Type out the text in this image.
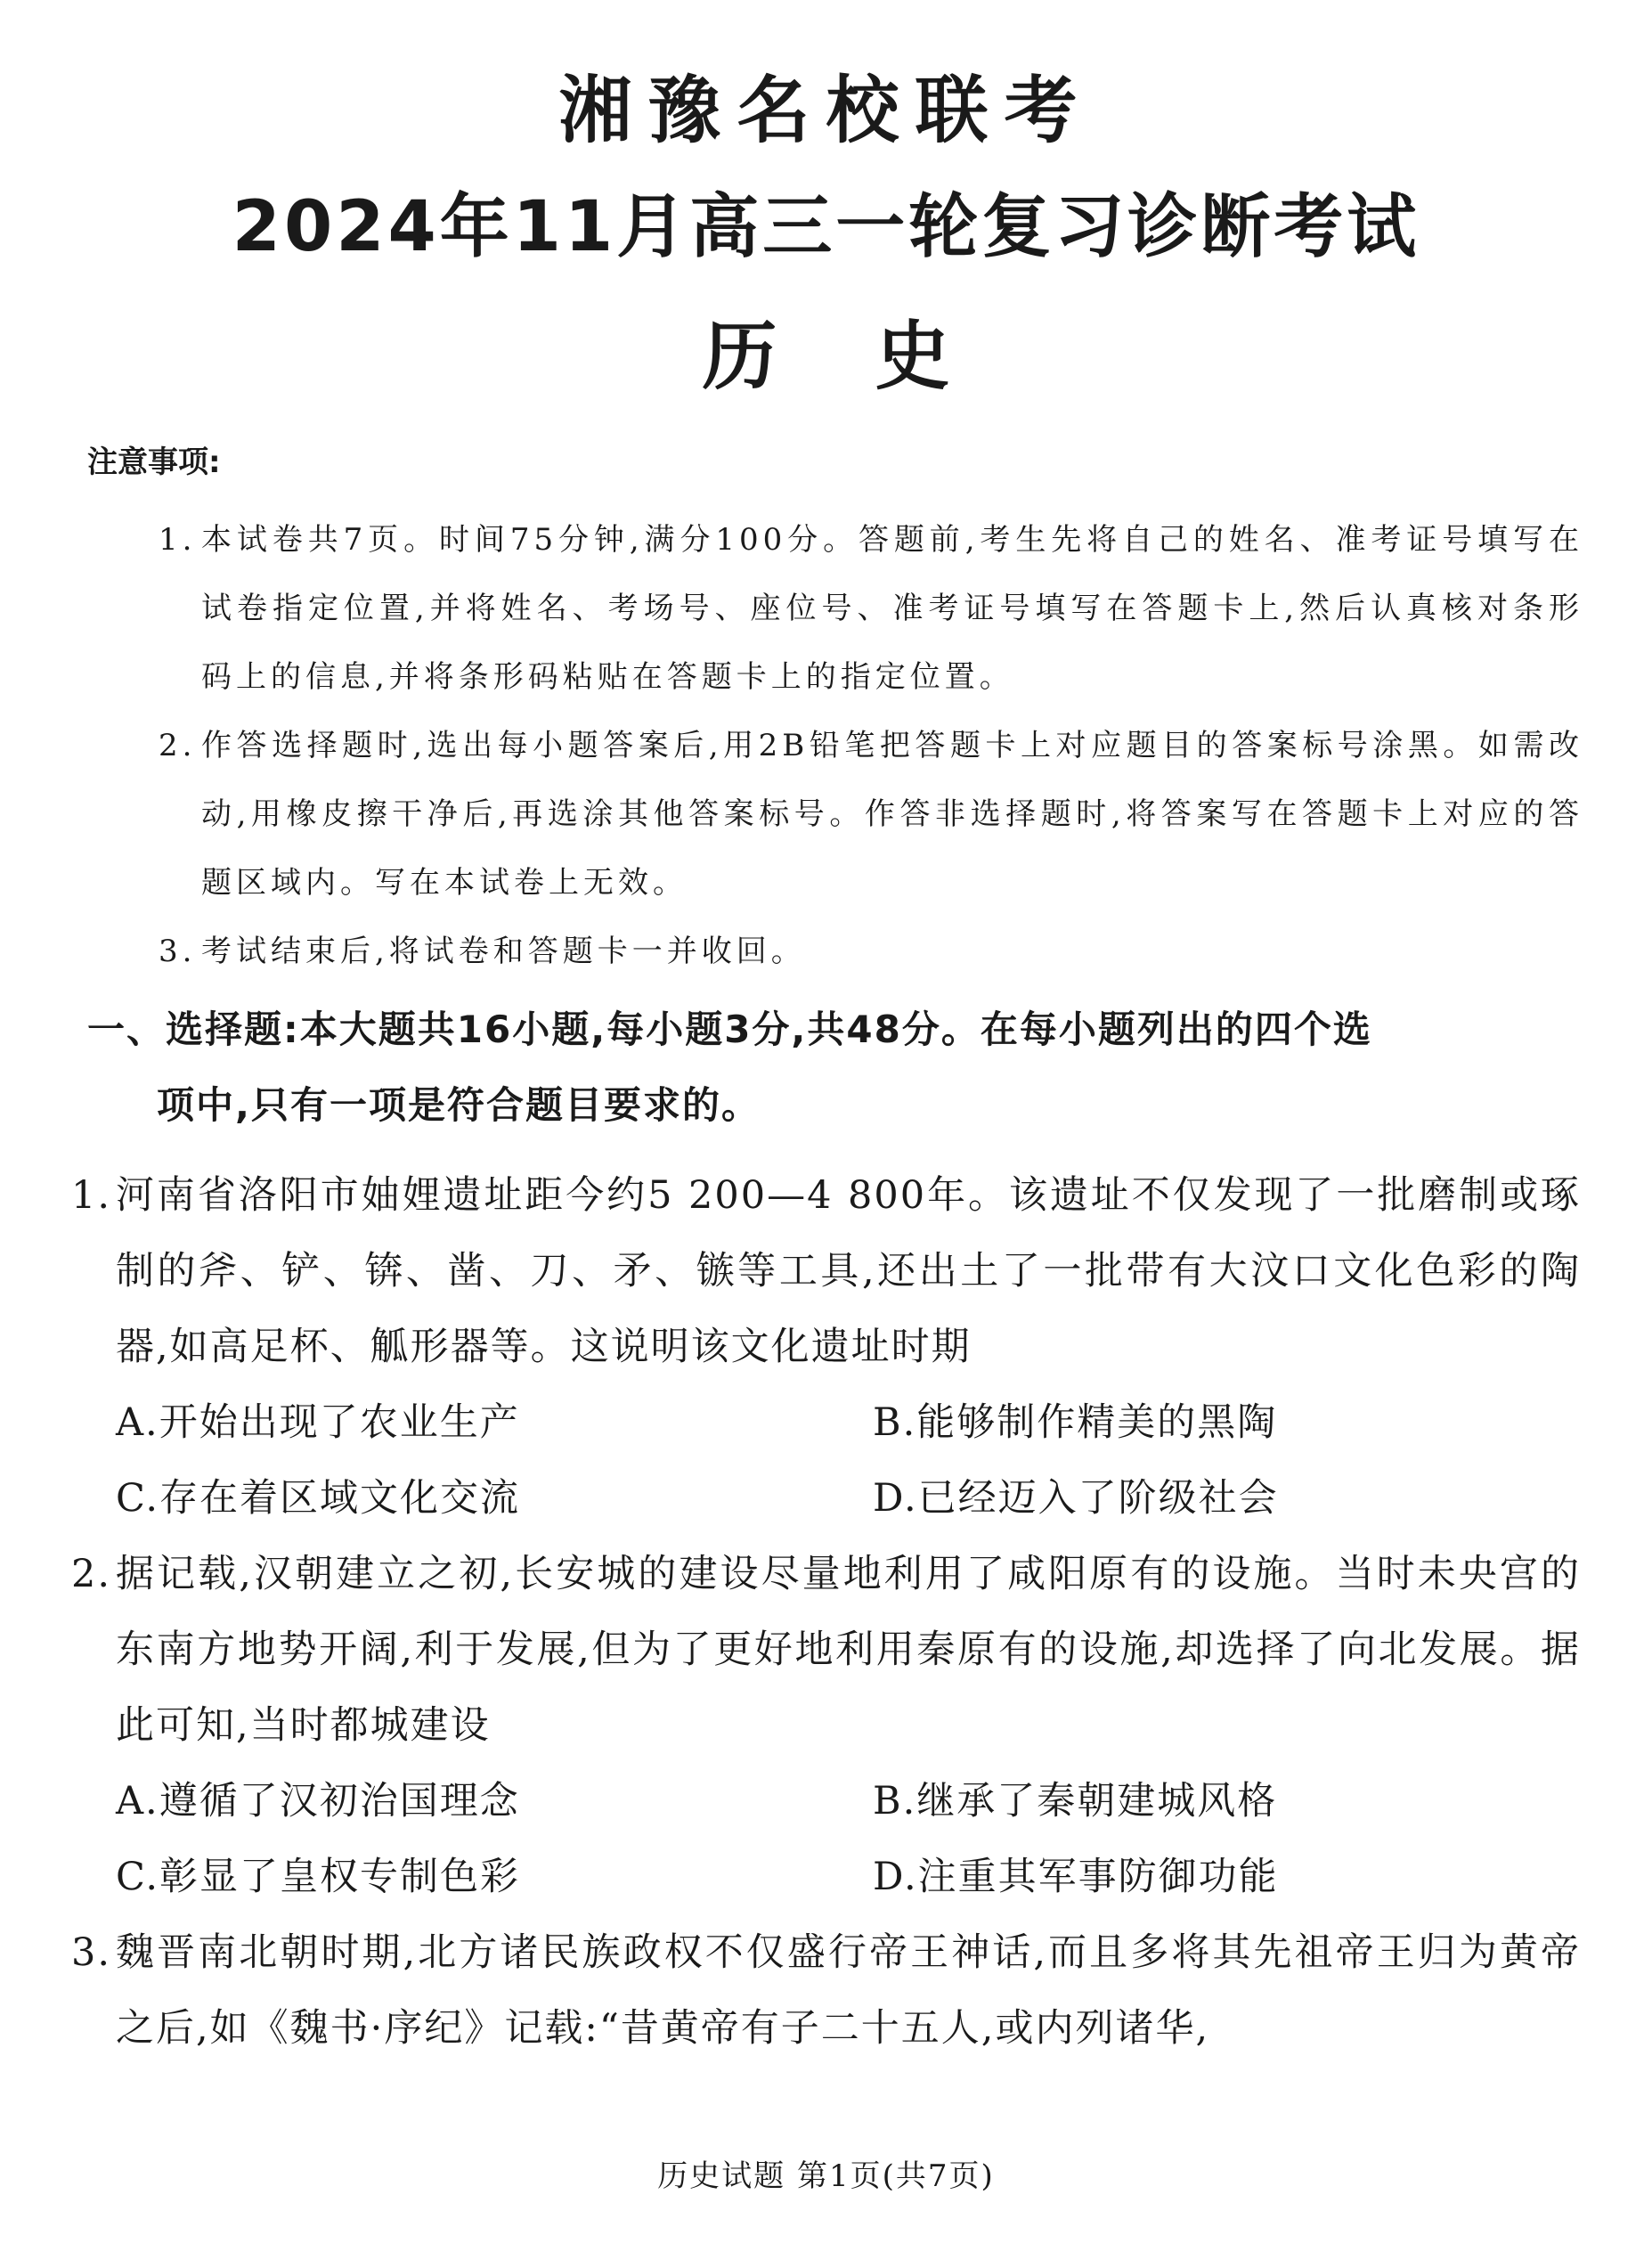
湘豫名校联考
2024年11月高三一轮复习诊断考试
历史
注意事项:
1. 本试卷共7页。时间75分钟,满分100分。答题前,考生先将自己的姓名、准考证号填写在试卷指定位置,并将姓名、考场号、座位号、准考证号填写在答题卡上,然后认真核对条形码上的信息,并将条形码粘贴在答题卡上的指定位置。
2. 作答选择题时,选出每小题答案后,用2B铅笔把答题卡上对应题目的答案标号涂黑。如需改动,用橡皮擦干净后,再选涂其他答案标号。作答非选择题时,将答案写在答题卡上对应的答题区域内。写在本试卷上无效。
3. 考试结束后,将试卷和答题卡一并收回。
一、选择题:本大题共16小题,每小题3分,共48分。在每小题列出的四个选
项中,只有一项是符合题目要求的。
1. 河南省洛阳市妯娌遗址距今约5 200—4 800年。该遗址不仅发现了一批磨制或琢制的斧、铲、锛、凿、刀、矛、镞等工具,还出土了一批带有大汶口文化色彩的陶器,如高足杯、觚形器等。这说明该文化遗址时期
A.开始出现了农业生产	B.能够制作精美的黑陶
C.存在着区域文化交流	D.已经迈入了阶级社会
2. 据记载,汉朝建立之初,长安城的建设尽量地利用了咸阳原有的设施。当时未央宫的东南方地势开阔,利于发展,但为了更好地利用秦原有的设施,却选择了向北发展。据此可知,当时都城建设
A.遵循了汉初治国理念	B.继承了秦朝建城风格
C.彰显了皇权专制色彩	D.注重其军事防御功能
3. 魏晋南北朝时期,北方诸民族政权不仅盛行帝王神话,而且多将其先祖帝王归为黄帝之后,如《魏书·序纪》记载:“昔黄帝有子二十五人,或内列诸华,
历史试题 第1页(共7页)
